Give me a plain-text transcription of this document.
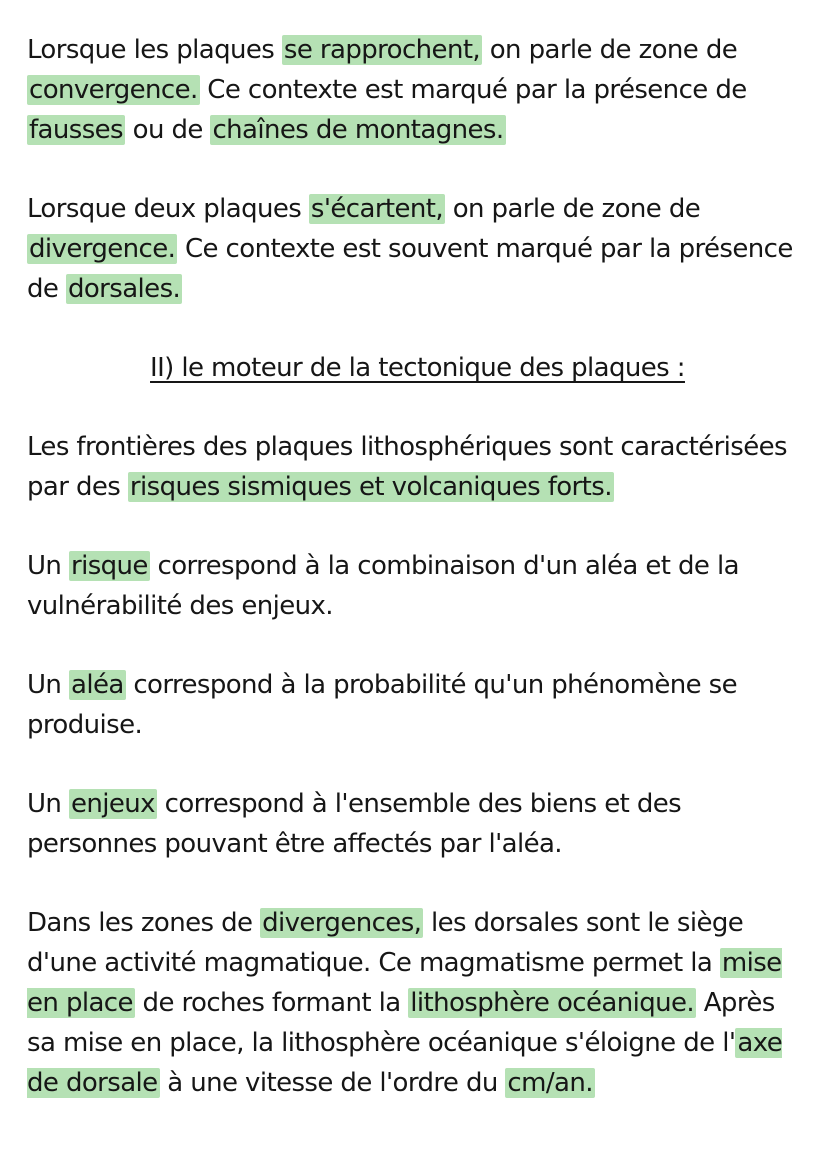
Lorsque les plaques se rapprochent, on parle de zone de convergence. Ce contexte est marqué par la présence de fausses ou de chaînes de montagnes.

Lorsque deux plaques s'écartent, on parle de zone de divergence. Ce contexte est souvent marqué par la présence de dorsales.

II) le moteur de la tectonique des plaques :

Les frontières des plaques lithosphériques sont caractérisées par des risques sismiques et volcaniques forts.

Un risque correspond à la combinaison d'un aléa et de la vulnérabilité des enjeux.

Un aléa correspond à la probabilité qu'un phénomène se produise.

Un enjeux correspond à l'ensemble des biens et des personnes pouvant être affectés par l'aléa.

Dans les zones de divergences, les dorsales sont le siège d'une activité magmatique. Ce magmatisme permet la mise en place de roches formant la lithosphère océanique. Après sa mise en place, la lithosphère océanique s'éloigne de l'axe de dorsale à une vitesse de l'ordre du cm/an.
